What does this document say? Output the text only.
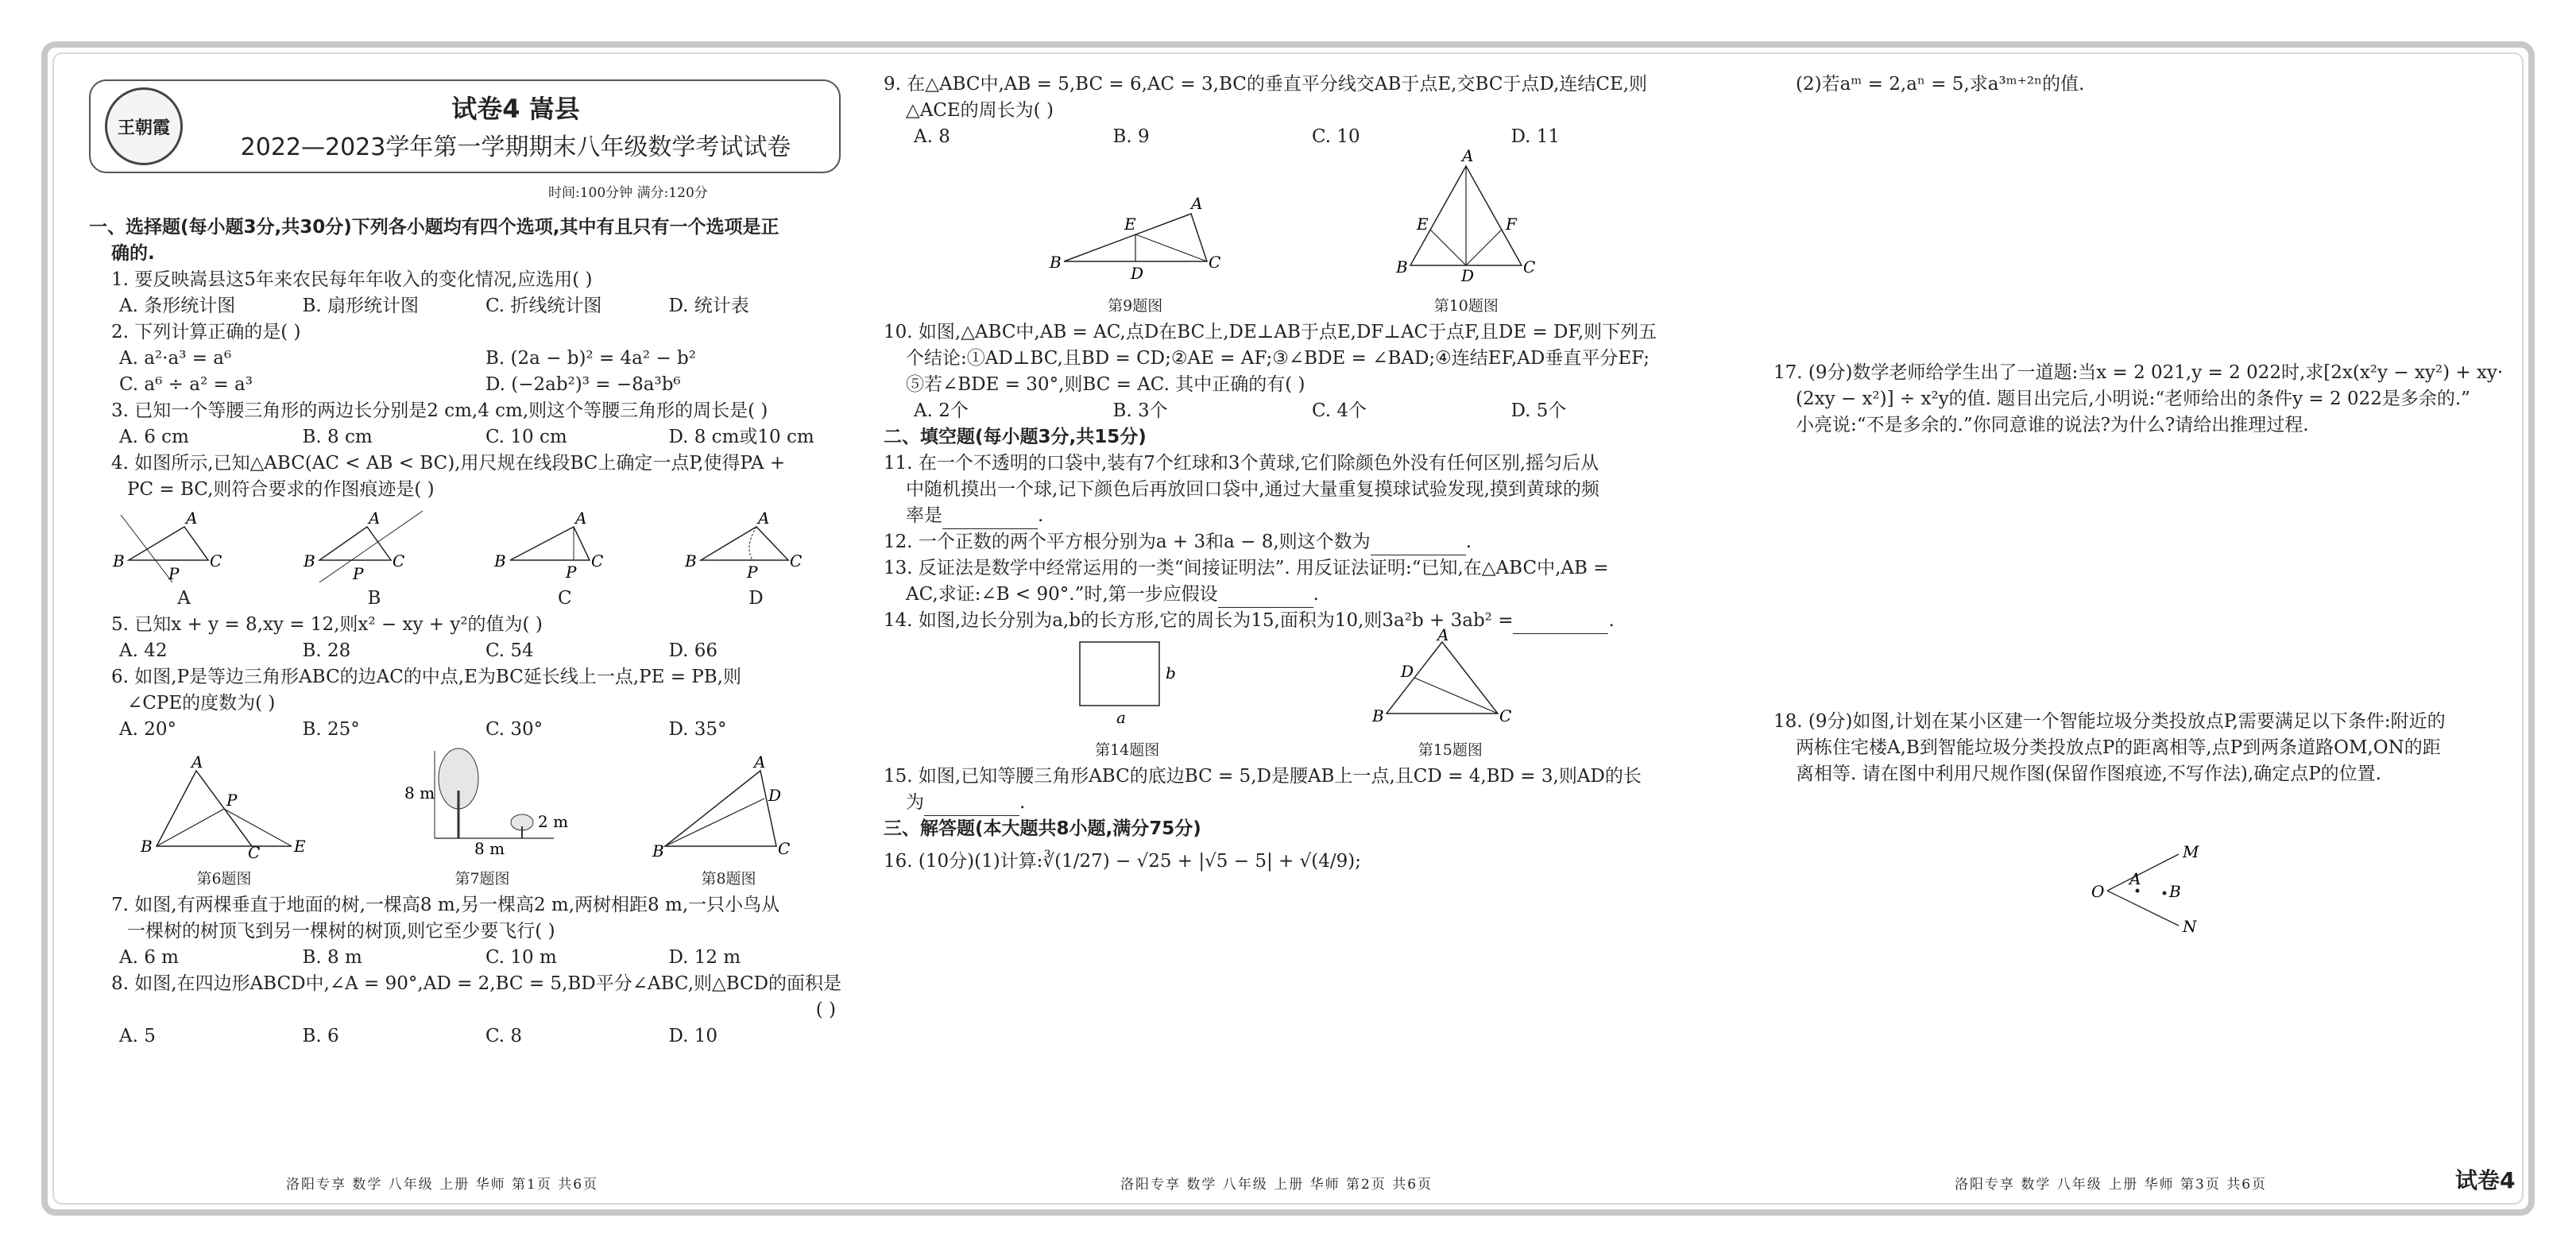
王朝霞
试卷4 嵩县
2022—2023学年第一学期期末八年级数学考试试卷
时间:100分钟 满分:120分

一、选择题(每小题3分,共30分)下列各小题均有四个选项,其中有且只有一个选项是正

确的.

1. 要反映嵩县这5年来农民每年年收入的变化情况,应选用( )

A. 条形统计图	B. 扇形统计图	C. 折线统计图	D. 统计表

2. 下列计算正确的是( )

A. a²·a³ = a⁶	B. (2a − b)² = 4a² − b²
C. a⁶ ÷ a² = a³	D. (−2ab²)³ = −8a³b⁶

3. 已知一个等腰三角形的两边长分别是2 cm,4 cm,则这个等腰三角形的周长是( )

A. 6 cm	B. 8 cm	C. 10 cm	D. 8 cm或10 cm

4. 如图所示,已知△ABC(AC < AB < BC),用尺规在线段BC上确定一点P,使得PA +

PC = BC,则符合要求的作图痕迹是( )

A
B	C
P
A
B	C
P
A
B	C
P
A
B	C
P
A	B	C	D

5. 已知x + y = 8,xy = 12,则x² − xy + y²的值为( )

A. 42	B. 28	C. 54	D. 66

6. 如图,P是等边三角形ABC的边AC的中点,E为BC延长线上一点,PE = PB,则

∠CPE的度数为( )

A. 20°	B. 25°	C. 30°	D. 35°
A
P
B	C E
第6题图
8 m
2 m
8 m
第7题图
A
D
B	C
第8题图

7. 如图,有两棵垂直于地面的树,一棵高8 m,另一棵高2 m,两树相距8 m,一只小鸟从

一棵树的树顶飞到另一棵树的树顶,则它至少要飞行( )

A. 6 m	B. 8 m	C. 10 m	D. 12 m

8. 如图,在四边形ABCD中,∠A = 90°,AD = 2,BC = 5,BD平分∠ABC,则△BCD的面积是

( )

A. 5	B. 6	C. 8	D. 10

9. 在△ABC中,AB = 5,BC = 6,AC = 3,BC的垂直平分线交AB于点E,交BC于点D,连结CE,则

△ACE的周长为( )

A. 8	B. 9	C. 10	D. 11
A
E
B
D
C
第9题图
A
E	F
B	D	C
第10题图

10. 如图,△ABC中,AB = AC,点D在BC上,DE⊥AB于点E,DF⊥AC于点F,且DE = DF,则下列五

个结论:①AD⊥BC,且BD = CD;②AE = AF;③∠BDE = ∠BAD;④连结EF,AD垂直平分EF;

⑤若∠BDE = 30°,则BC = AC. 其中正确的有( )

A. 2个	B. 3个	C. 4个	D. 5个

二、填空题(每小题3分,共15分)

11. 在一个不透明的口袋中,装有7个红球和3个黄球,它们除颜色外没有任何区别,摇匀后从

中随机摸出一个球,记下颜色后再放回口袋中,通过大量重复摸球试验发现,摸到黄球的频

率是	.

12. 一个正数的两个平方根分别为a + 3和a − 8,则这个数为	.

13. 反证法是数学中经常运用的一类“间接证明法”. 用反证法证明:“已知,在△ABC中,AB =

AC,求证:∠B < 90°.”时,第一步应假设	.

14. 如图,边长分别为a,b的长方形,它的周长为15,面积为10,则3a²b + 3ab² =	.

b
a
第14题图
A
D
B	C
第15题图

15. 如图,已知等腰三角形ABC的底边BC = 5,D是腰AB上一点,且CD = 4,BD = 3,则AD的长

为	.

三、解答题(本大题共8小题,满分75分)

16. (10分)(1)计算:∛(1/27) − √25 + |√5 − 5| + √(4/9);

(2)若aᵐ = 2,aⁿ = 5,求a³ᵐ⁺²ⁿ的值.

17. (9分)数学老师给学生出了一道题:当x = 2 021,y = 2 022时,求[2x(x²y − xy²) + xy·

(2xy − x²)] ÷ x²y的值. 题目出完后,小明说:“老师给出的条件y = 2 022是多余的.”

小亮说:“不是多余的.”你同意谁的说法?为什么?请给出推理过程.

18. (9分)如图,计划在某小区建一个智能垃圾分类投放点P,需要满足以下条件:附近的

两栋住宅楼A,B到智能垃圾分类投放点P的距离相等,点P到两条道路OM,ON的距

离相等. 请在图中利用尺规作图(保留作图痕迹,不写作法),确定点P的位置.

O
M
N
A
B
洛阳专享 数学 八年级 上册 华师 第1页 共6页	洛阳专享 数学 八年级 上册 华师 第2页 共6页	洛阳专享 数学 八年级 上册 华师 第3页 共6页	试卷4
